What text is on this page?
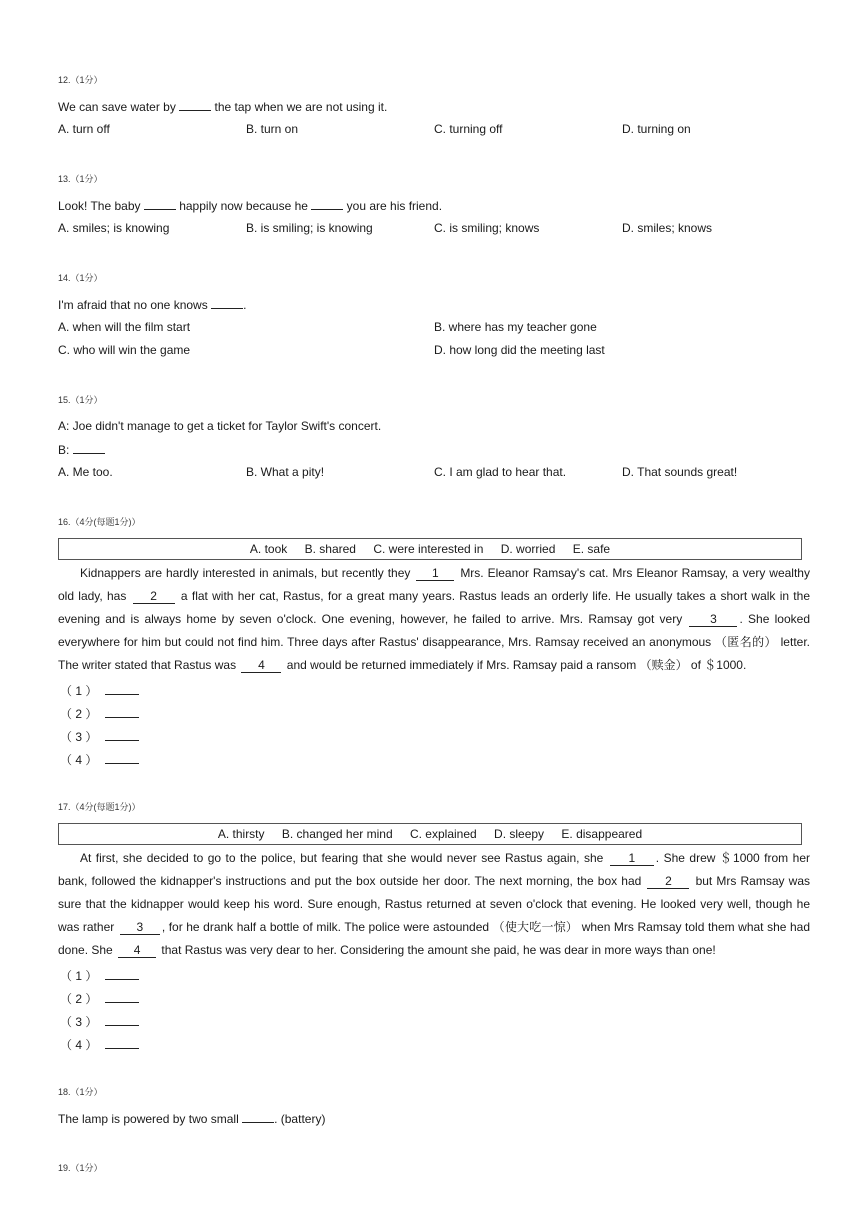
12.（1分）
We can save water by	the tap when we are not using it.
A. turn off	B. turn on	C. turning off	D. turning on
13.（1分）
Look! The baby	happily now because he	you are his friend.
A. smiles; is knowing	B. is smiling; is knowing	C. is smiling; knows	D. smiles; knows
14.（1分）
I'm afraid that no one knows	.
A. when will the film start	B. where has my teacher gone
C. who will win the game	D. how long did the meeting last
15.（1分）
A: Joe didn't manage to get a ticket for Taylor Swift's concert.
B:
A. Me too.	B. What a pity!	C. I am glad to hear that.	D. That sounds great!
16.（4分(每题1分)）
A. took B. shared C. were interested in D. worried E. safe
Kidnappers are hardly interested in animals, but recently they 1 Mrs. Eleanor Ramsay's cat. Mrs Eleanor Ramsay, a very wealthy old lady, has 2 a flat with her cat, Rastus, for a great many years. Rastus leads an orderly life. He usually takes a short walk in the evening and is always home by seven o'clock. One evening, however, he failed to arrive. Mrs. Ramsay got very 3 . She looked everywhere for him but could not find him. Three days after Rastus' disappearance, Mrs. Ramsay received an anonymous （匿名的） letter. The writer stated that Rastus was 4 and would be returned immediately if Mrs. Ramsay paid a ransom （赎金） of ＄1000.
（ 1 ）
（ 2 ）
（ 3 ）
（ 4 ）
17.（4分(每题1分)）
A. thirsty B. changed her mind C. explained D. sleepy E. disappeared
At first, she decided to go to the police, but fearing that she would never see Rastus again, she 1 . She drew ＄1000 from her bank, followed the kidnapper's instructions and put the box outside her door. The next morning, the box had 2 but Mrs Ramsay was sure that the kidnapper would keep his word. Sure enough, Rastus returned at seven o'clock that evening. He looked very well, though he was rather 3 , for he drank half a bottle of milk. The police were astounded （使大吃一惊） when Mrs Ramsay told them what she had done. She 4 that Rastus was very dear to her. Considering the amount she paid, he was dear in more ways than one!
（ 1 ）
（ 2 ）
（ 3 ）
（ 4 ）
18.（1分）
The lamp is powered by two small	. (battery)
19.（1分）
